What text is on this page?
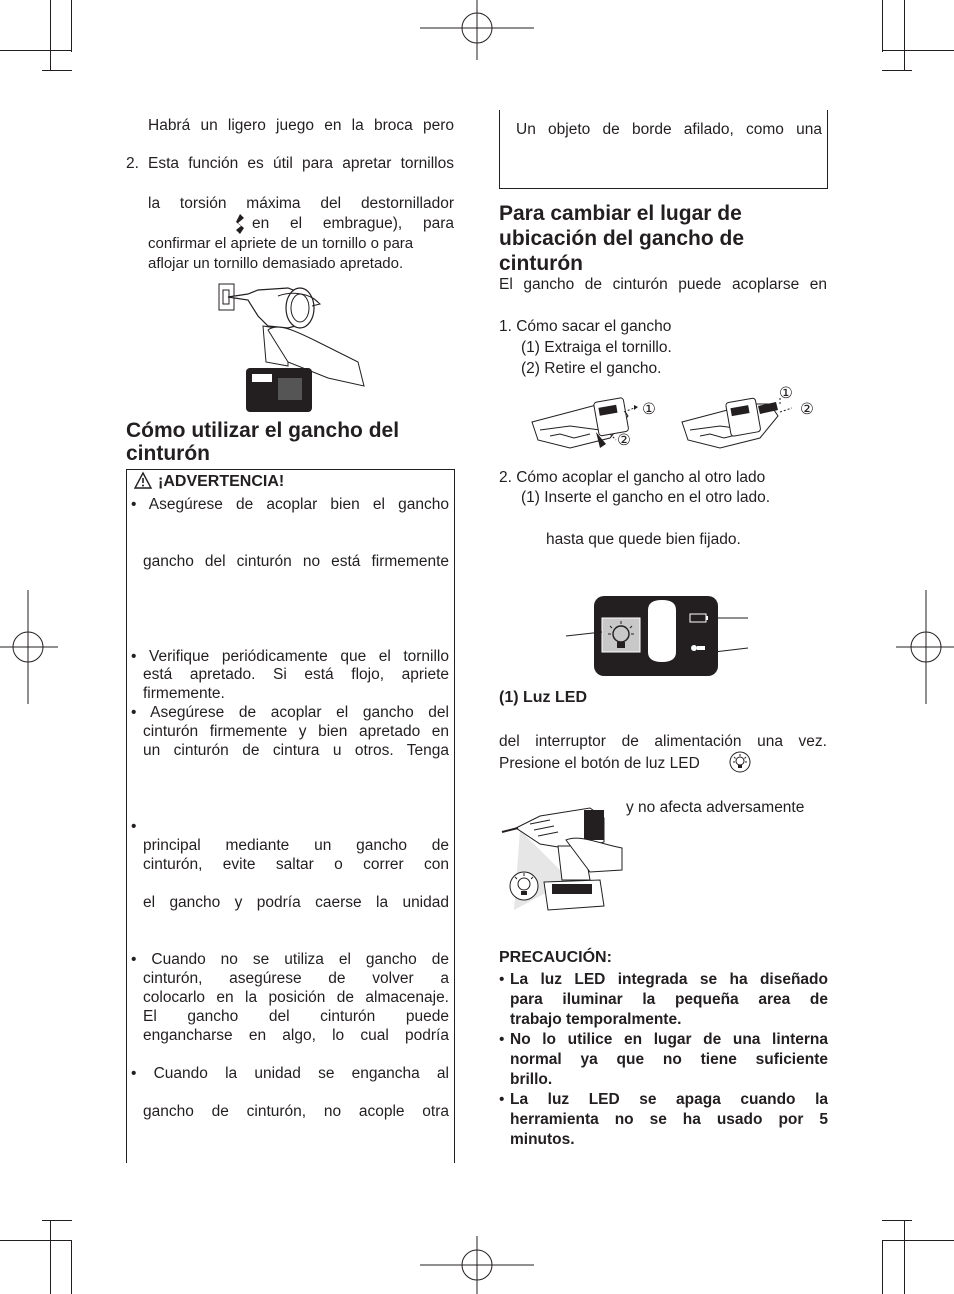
Habrá un ligero juego en la broca pero
2. Esta función es útil para apretar tornillos
la torsión máxima del destornillador
en el embrague), para
confirmar el apriete de un tornillo o para
aflojar un tornillo demasiado apretado.
Cómo utilizar el gancho del
cinturón
¡ADVERTENCIA!
• Asegúrese de acoplar bien el gancho
gancho del cinturón no está firmemente
• Verifique periódicamente que el tornillo
está apretado. Si está flojo, apriete
firmemente.
• Asegúrese de acoplar el gancho del
cinturón firmemente y bien apretado en
un cinturón de cintura u otros. Tenga
•
principal mediante un gancho de
cinturón, evite saltar o correr con
el gancho y podría caerse la unidad
• Cuando no se utiliza el gancho de
cinturón, asegúrese de volver a
colocarlo en la posición de almacenaje.
El gancho del cinturón puede
engancharse en algo, lo cual podría
• Cuando la unidad se engancha al
gancho de cinturón, no acople otra
Un objeto de borde afilado, como una
Para cambiar el lugar de
ubicación del gancho de
cinturón
El gancho de cinturón puede acoplarse en
1. Cómo sacar el gancho
(1) Extraiga el tornillo.
(2) Retire el gancho.
①
②
①
②
2. Cómo acoplar el gancho al otro lado
(1) Inserte el gancho en el otro lado.
hasta que quede bien fijado.
(1) Luz LED
del interruptor de alimentación una vez.
Presione el botón de luz LED
y no afecta adversamente
PRECAUCIÓN:
• La luz LED integrada se ha diseñado
para iluminar la pequeña area de
trabajo temporalmente.
• No lo utilice en lugar de una linterna
normal ya que no tiene suficiente
brillo.
• La luz LED se apaga cuando la
herramienta no se ha usado por 5
minutos.
